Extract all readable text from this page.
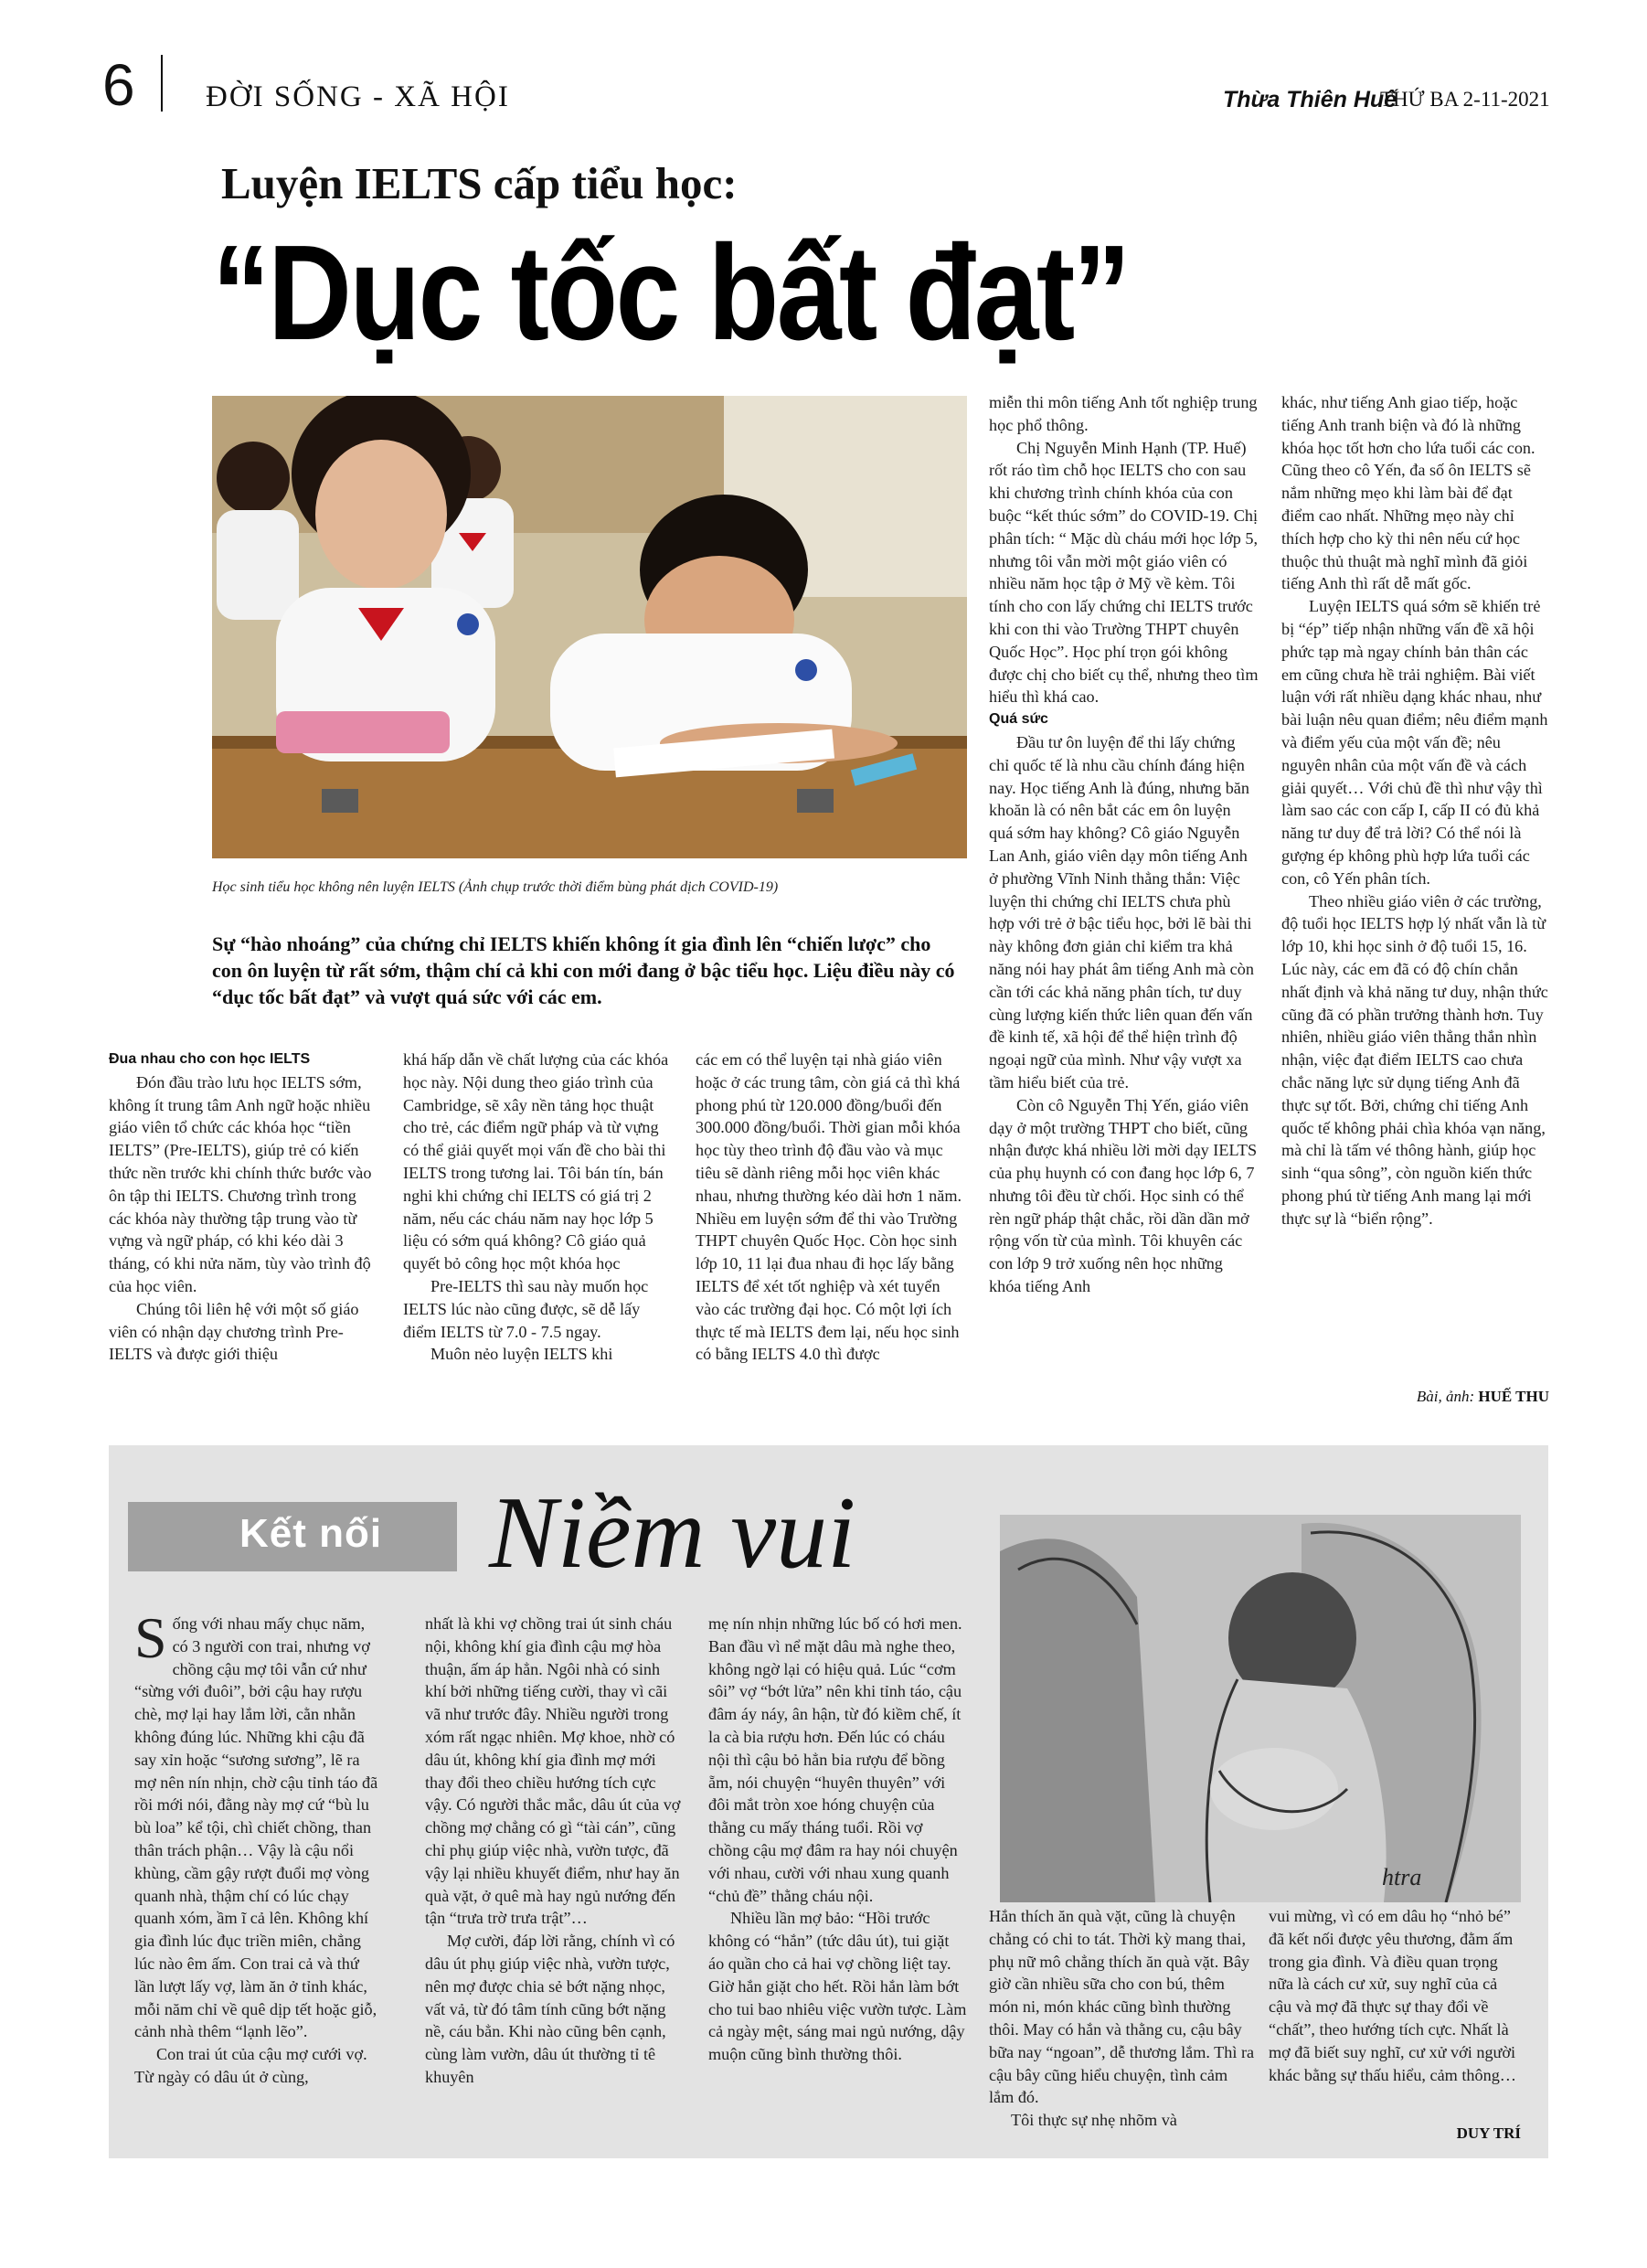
6 ĐỜI SỐNG - XÃ HỘI	Thừa Thiên Huế
THỨ BA 2-11-2021
Luyện IELTS cấp tiểu học:
“Dục tốc bất đạt”
Học sinh tiểu học không nên luyện IELTS (Ảnh chụp trước thời điểm bùng phát dịch COVID-19)
Sự “hào nhoáng” của chứng chỉ IELTS khiến không ít gia đình lên “chiến lược” cho con ôn luyện từ rất sớm, thậm chí cả khi con mới đang ở bậc tiểu học. Liệu điều này có “dục tốc bất đạt” và vượt quá sức với các em.

Đua nhau cho con học IELTS

Đón đầu trào lưu học IELTS sớm, không ít trung tâm Anh ngữ hoặc nhiều giáo viên tổ chức các khóa học “tiền IELTS” (Pre-IELTS), giúp trẻ có kiến thức nền trước khi chính thức bước vào ôn tập thi IELTS. Chương trình trong các khóa này thường tập trung vào từ vựng và ngữ pháp, có khi kéo dài 3 tháng, có khi nửa năm, tùy vào trình độ của học viên.

Chúng tôi liên hệ với một số giáo viên có nhận dạy chương trình Pre-IELTS và được giới thiệu

khá hấp dẫn về chất lượng của các khóa học này. Nội dung theo giáo trình của Cambridge, sẽ xây nền tảng học thuật cho trẻ, các điểm ngữ pháp và từ vựng có thể giải quyết mọi vấn đề cho bài thi IELTS trong tương lai. Tôi bán tín, bán nghi khi chứng chỉ IELTS có giá trị 2 năm, nếu các cháu năm nay học lớp 5 liệu có sớm quá không? Cô giáo quả quyết bỏ công học một khóa học

Pre-IELTS thì sau này muốn học IELTS lúc nào cũng được, sẽ dễ lấy điểm IELTS từ 7.0 - 7.5 ngay.

Muôn nẻo luyện IELTS khi

các em có thể luyện tại nhà giáo viên hoặc ở các trung tâm, còn giá cả thì khá phong phú từ 120.000 đồng/buổi đến 300.000 đồng/buổi. Thời gian mỗi khóa học tùy theo trình độ đầu vào và mục tiêu sẽ dành riêng mỗi học viên khác nhau, nhưng thường kéo dài hơn 1 năm. Nhiều em luyện sớm để thi vào Trường THPT chuyên Quốc Học. Còn học sinh lớp 10, 11 lại đua nhau đi học lấy bằng IELTS để xét tốt nghiệp và xét tuyển vào các trường đại học. Có một lợi ích thực tế mà IELTS đem lại, nếu học sinh có bằng IELTS 4.0 thì được

miễn thi môn tiếng Anh tốt nghiệp trung học phổ thông.

Chị Nguyễn Minh Hạnh (TP. Huế) rốt ráo tìm chỗ học IELTS cho con sau khi chương trình chính khóa của con buộc “kết thúc sớm” do COVID-19. Chị phân tích: “ Mặc dù cháu mới học lớp 5, nhưng tôi vẫn mời một giáo viên có nhiều năm học tập ở Mỹ về kèm. Tôi tính cho con lấy chứng chỉ IELTS trước khi con thi vào Trường THPT chuyên Quốc Học”. Học phí trọn gói không được chị cho biết cụ thể, nhưng theo tìm hiểu thì khá cao.

Quá sức

Đầu tư ôn luyện để thi lấy chứng chỉ quốc tế là nhu cầu chính đáng hiện nay. Học tiếng Anh là đúng, nhưng băn khoăn là có nên bắt các em ôn luyện quá sớm hay không? Cô giáo Nguyễn Lan Anh, giáo viên dạy môn tiếng Anh ở phường Vĩnh Ninh thẳng thắn: Việc luyện thi chứng chỉ IELTS chưa phù hợp với trẻ ở bậc tiểu học, bởi lẽ bài thi này không đơn giản chỉ kiểm tra khả năng nói hay phát âm tiếng Anh mà còn cần tới các khả năng phân tích, tư duy cùng lượng kiến thức liên quan đến vấn đề kinh tế, xã hội để thể hiện trình độ ngoại ngữ của mình. Như vậy vượt xa tầm hiểu biết của trẻ.

Còn cô Nguyễn Thị Yến, giáo viên dạy ở một trường THPT cho biết, cũng nhận được khá nhiều lời mời dạy IELTS của phụ huynh có con đang học lớp 6, 7 nhưng tôi đều từ chối. Học sinh có thể rèn ngữ pháp thật chắc, rồi dần dần mở rộng vốn từ của mình. Tôi khuyên các con lớp 9 trở xuống nên học những khóa tiếng Anh

khác, như tiếng Anh giao tiếp, hoặc tiếng Anh tranh biện và đó là những khóa học tốt hơn cho lứa tuổi các con. Cũng theo cô Yến, đa số ôn IELTS sẽ nắm những mẹo khi làm bài để đạt điểm cao nhất. Những mẹo này chỉ thích hợp cho kỳ thi nên nếu cứ học thuộc thủ thuật mà nghĩ mình đã giỏi tiếng Anh thì rất dễ mất gốc.

Luyện IELTS quá sớm sẽ khiến trẻ bị “ép” tiếp nhận những vấn đề xã hội phức tạp mà ngay chính bản thân các em cũng chưa hề trải nghiệm. Bài viết luận với rất nhiều dạng khác nhau, như bài luận nêu quan điểm; nêu điểm mạnh và điểm yếu của một vấn đề; nêu nguyên nhân của một vấn đề và cách giải quyết… Với chủ đề thì như vậy thì làm sao các con cấp I, cấp II có đủ khả năng tư duy để trả lời? Có thể nói là gượng ép không phù hợp lứa tuổi các con, cô Yến phân tích.

Theo nhiều giáo viên ở các trường, độ tuổi học IELTS hợp lý nhất vẫn là từ lớp 10, khi học sinh ở độ tuổi 15, 16. Lúc này, các em đã có độ chín chắn nhất định và khả năng tư duy, nhận thức cũng đã có phần trưởng thành hơn. Tuy nhiên, nhiều giáo viên thẳng thắn nhìn nhận, việc đạt điểm IELTS cao chưa chắc năng lực sử dụng tiếng Anh đã thực sự tốt. Bởi, chứng chỉ tiếng Anh quốc tế không phải chìa khóa vạn năng, mà chỉ là tấm vé thông hành, giúp học sinh “qua sông”, còn nguồn kiến thức phong phú từ tiếng Anh mang lại mới thực sự là “biển rộng”.

Bài, ảnh: HUẾ THU
Kết nối Niềm vui
htra

Sống với nhau mấy chục năm, có 3 người con trai, nhưng vợ chồng cậu mợ tôi vẫn cứ như “sừng với đuôi”, bởi cậu hay rượu chè, mợ lại hay lắm lời, cằn nhằn không đúng lúc. Những khi cậu đã say xỉn hoặc “sương sương”, lẽ ra mợ nên nín nhịn, chờ cậu tỉnh táo đã rồi mới nói, đằng này mợ cứ “bù lu bù loa” kể tội, chì chiết chồng, than thân trách phận… Vậy là cậu nổi khùng, cầm gậy rượt đuổi mợ vòng quanh nhà, thậm chí có lúc chạy quanh xóm, ầm ĩ cả lên. Không khí gia đình lúc đục triền miên, chẳng lúc nào êm ấm. Con trai cả và thứ lần lượt lấy vợ, làm ăn ở tỉnh khác, mỗi năm chỉ về quê dịp tết hoặc giỗ, cảnh nhà thêm “lạnh lẽo”.

Con trai út của cậu mợ cưới vợ. Từ ngày có dâu út ở cùng,

nhất là khi vợ chồng trai út sinh cháu nội, không khí gia đình cậu mợ hòa thuận, ấm áp hẳn. Ngôi nhà có sinh khí bởi những tiếng cười, thay vì cãi vã như trước đây. Nhiều người trong xóm rất ngạc nhiên. Mợ khoe, nhờ có dâu út, không khí gia đình mợ mới thay đổi theo chiều hướng tích cực vậy. Có người thắc mắc, dâu út của vợ chồng mợ chẳng có gì “tài cán”, cũng chỉ phụ giúp việc nhà, vườn tược, đã vậy lại nhiều khuyết điểm, như hay ăn quà vặt, ở quê mà hay ngủ nướng đến tận “trưa trờ trưa trật”…

Mợ cười, đáp lời rằng, chính vì có dâu út phụ giúp việc nhà, vườn tược, nên mợ được chia sẻ bớt nặng nhọc, vất vả, từ đó tâm tính cũng bớt nặng nề, cáu bẳn. Khi nào cũng bên cạnh, cùng làm vườn, dâu út thường tỉ tê khuyên

mẹ nín nhịn những lúc bố có hơi men. Ban đầu vì nể mặt dâu mà nghe theo, không ngờ lại có hiệu quả. Lúc “cơm sôi” vợ “bớt lửa” nên khi tỉnh táo, cậu đâm áy náy, ân hận, từ đó kiềm chế, ít la cà bia rượu hơn. Đến lúc có cháu nội thì cậu bỏ hẳn bia rượu để bồng ẵm, nói chuyện “huyên thuyên” với đôi mắt tròn xoe hóng chuyện của thằng cu mấy tháng tuổi. Rồi vợ chồng cậu mợ đâm ra hay nói chuyện với nhau, cười với nhau xung quanh “chủ đề” thằng cháu nội.

Nhiều lần mợ bảo: “Hồi trước không có “hắn” (tức dâu út), tui giặt áo quần cho cả hai vợ chồng liệt tay. Giờ hắn giặt cho hết. Rồi hắn làm bớt cho tui bao nhiêu việc vườn tược. Làm cả ngày mệt, sáng mai ngủ nướng, dậy muộn cũng bình thường thôi.

Hắn thích ăn quà vặt, cũng là chuyện chẳng có chi to tát. Thời kỳ mang thai, phụ nữ mô chẳng thích ăn quà vặt. Bây giờ cần nhiều sữa cho con bú, thêm món ni, món khác cũng bình thường thôi. May có hắn và thằng cu, cậu bây bữa nay “ngoan”, dễ thương lắm. Thì ra cậu bây cũng hiểu chuyện, tình cảm lắm đó.

Tôi thực sự nhẹ nhõm và

vui mừng, vì có em dâu họ “nhỏ bé” đã kết nối được yêu thương, đằm ấm trong gia đình. Và điều quan trọng nữa là cách cư xử, suy nghĩ của cả cậu và mợ đã thực sự thay đổi về “chất”, theo hướng tích cực. Nhất là mợ đã biết suy nghĩ, cư xử với người khác bằng sự thấu hiểu, cảm thông…

DUY TRÍ
